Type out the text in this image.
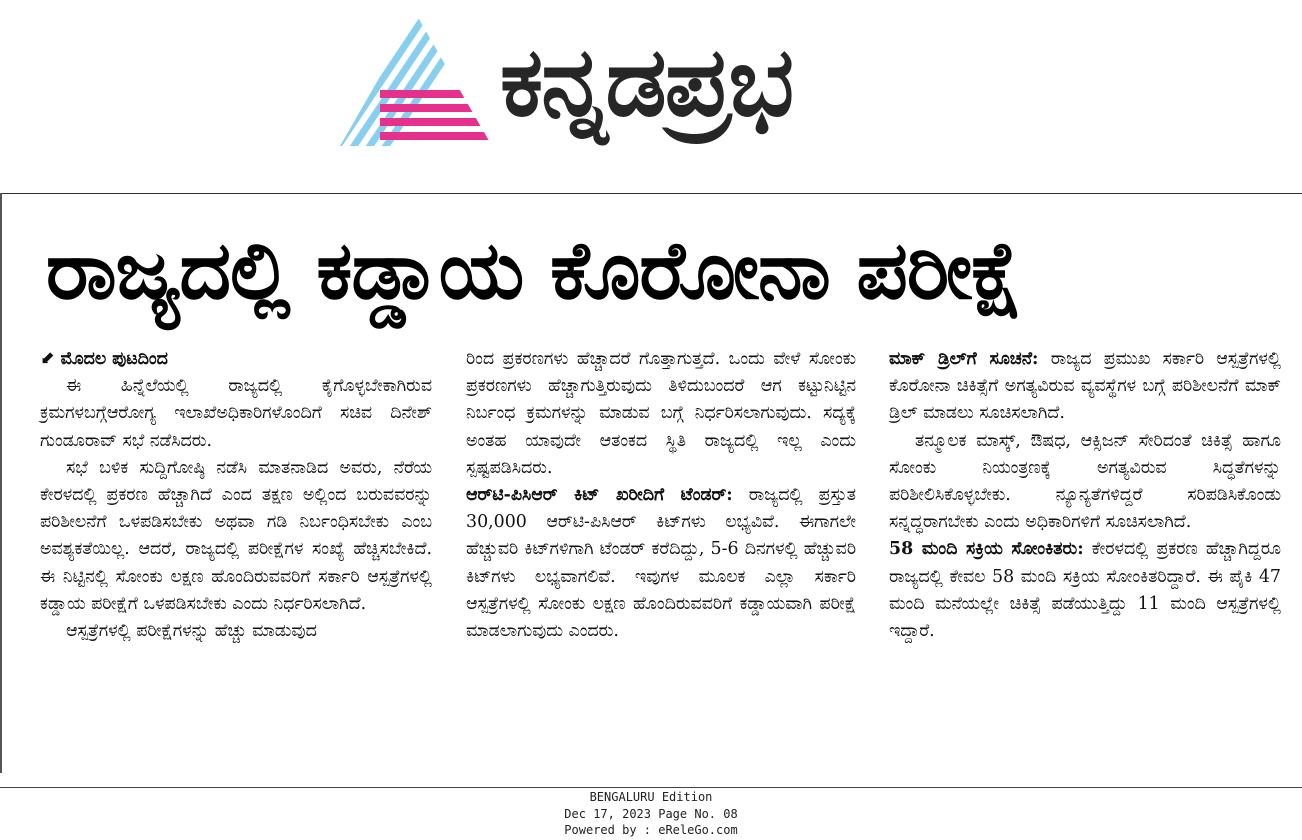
ಕನ್ನಡಪ್ರಭ
ರಾಜ್ಯದಲ್ಲಿ ಕಡ್ಡಾಯ ಕೊರೋನಾ ಪರೀಕ್ಷೆ
⬋ ಮೊದಲ ಪುಟದಿಂದ

ಈ ಹಿನ್ನೆಲೆಯಲ್ಲಿ ರಾಜ್ಯದಲ್ಲಿ ಕೈಗೊಳ್ಳಬೇಕಾಗಿರುವ ಕ್ರಮಗಳಬಗ್ಗೆಆರೋಗ್ಯ ಇಲಾಖೆಅಧಿಕಾರಿಗಳೊಂದಿಗೆ ಸಚಿವ ದಿನೇಶ್ ಗುಂಡೂರಾವ್ ಸಭೆ ನಡೆಸಿದರು.

ಸಭೆ ಬಳಿಕ ಸುದ್ದಿಗೋಷ್ಠಿ ನಡೆಸಿ ಮಾತನಾಡಿದ ಅವರು, ನೆರೆಯ ಕೇರಳದಲ್ಲಿ ಪ್ರಕರಣ ಹೆಚ್ಚಾಗಿದೆ ಎಂದ ತಕ್ಷಣ ಅಲ್ಲಿಂದ ಬರುವವರನ್ನು ಪರಿಶೀಲನೆಗೆ ಒಳಪಡಿಸಬೇಕು ಅಥವಾ ಗಡಿ ನಿರ್ಬಂಧಿಸಬೇಕು ಎಂಬ ಅವಶ್ಯಕತೆಯಿಲ್ಲ. ಆದರೆ, ರಾಜ್ಯದಲ್ಲಿ ಪರೀಕ್ಷೆಗಳ ಸಂಖ್ಯೆ ಹೆಚ್ಚಿಸಬೇಕಿದೆ. ಈ ನಿಟ್ಟಿನಲ್ಲಿ ಸೋಂಕು ಲಕ್ಷಣ ಹೊಂದಿರುವವರಿಗೆ ಸರ್ಕಾರಿ ಆಸ್ಪತ್ರೆಗಳಲ್ಲಿ ಕಡ್ಡಾಯ ಪರೀಕ್ಷೆಗೆ ಒಳಪಡಿಸಬೇಕು ಎಂದು ನಿರ್ಧರಿಸಲಾಗಿದೆ.

ಆಸ್ಪತ್ರೆಗಳಲ್ಲಿ ಪರೀಕ್ಷೆಗಳನ್ನು ಹೆಚ್ಚು ಮಾಡುವುದ

ರಿಂದ ಪ್ರಕರಣಗಳು ಹೆಚ್ಚಾದರೆ ಗೊತ್ತಾಗುತ್ತದೆ. ಒಂದು ವೇಳೆ ಸೋಂಕು ಪ್ರಕರಣಗಳು ಹೆಚ್ಚಾಗುತ್ತಿರುವುದು ತಿಳಿದುಬಂದರೆ ಆಗ ಕಟ್ಟುನಿಟ್ಟಿನ ನಿರ್ಬಂಧ ಕ್ರಮಗಳನ್ನು ಮಾಡುವ ಬಗ್ಗೆ ನಿರ್ಧರಿಸಲಾಗುವುದು. ಸದ್ಯಕ್ಕೆ ಅಂತಹ ಯಾವುದೇ ಆತಂಕದ ಸ್ಥಿತಿ ರಾಜ್ಯದಲ್ಲಿ ಇಲ್ಲ ಎಂದು ಸ್ಪಷ್ಟಪಡಿಸಿದರು.

ಆರ್‌ಟಿ-ಪಿಸಿಆರ್ ಕಿಟ್ ಖರೀದಿಗೆ ಟೆಂಡರ್: ರಾಜ್ಯದಲ್ಲಿ ಪ್ರಸ್ತುತ 30,000 ಆರ್‌ಟಿ-ಪಿಸಿಆರ್ ಕಿಟ್‌ಗಳು ಲಭ್ಯವಿವೆ. ಈಗಾಗಲೇ ಹೆಚ್ಚುವರಿ ಕಿಟ್‌ಗಳಿಗಾಗಿ ಟೆಂಡರ್ ಕರೆದಿದ್ದು, 5-6 ದಿನಗಳಲ್ಲಿ ಹೆಚ್ಚುವರಿ ಕಿಟ್‌ಗಳು ಲಭ್ಯವಾಗಲಿವೆ. ಇವುಗಳ ಮೂಲಕ ಎಲ್ಲಾ ಸರ್ಕಾರಿ ಆಸ್ಪತ್ರೆಗಳಲ್ಲಿ ಸೋಂಕು ಲಕ್ಷಣ ಹೊಂದಿರುವವರಿಗೆ ಕಡ್ಡಾಯವಾಗಿ ಪರೀಕ್ಷೆ ಮಾಡಲಾಗುವುದು ಎಂದರು.

ಮಾಕ್ ಡ್ರಿಲ್‌ಗೆ ಸೂಚನೆ: ರಾಜ್ಯದ ಪ್ರಮುಖ ಸರ್ಕಾರಿ ಆಸ್ಪತ್ರೆಗಳಲ್ಲಿ ಕೊರೋನಾ ಚಿಕಿತ್ಸೆಗೆ ಅಗತ್ಯವಿರುವ ವ್ಯವಸ್ಥೆಗಳ ಬಗ್ಗೆ ಪರಿಶೀಲನೆಗೆ ಮಾಕ್ ಡ್ರಿಲ್ ಮಾಡಲು ಸೂಚಿಸಲಾಗಿದೆ.

ತನ್ಮೂಲಕ ಮಾಸ್ಕ್, ಔಷಧ, ಆಕ್ಸಿಜನ್ ಸೇರಿದಂತೆ ಚಿಕಿತ್ಸೆ ಹಾಗೂ ಸೋಂಕು ನಿಯಂತ್ರಣಕ್ಕೆ ಅಗತ್ಯವಿರುವ ಸಿದ್ಧತೆಗಳನ್ನು ಪರಿಶೀಲಿಸಿಕೊಳ್ಳಬೇಕು. ನ್ಯೂನ್ಯತೆಗಳಿದ್ದರೆ ಸರಿಪಡಿಸಿಕೊಂಡು ಸನ್ನದ್ಧರಾಗಬೇಕು ಎಂದು ಅಧಿಕಾರಿಗಳಿಗೆ ಸೂಚಿಸಲಾಗಿದೆ.

58 ಮಂದಿ ಸಕ್ರಿಯ ಸೋಂಕಿತರು: ಕೇರಳದಲ್ಲಿ ಪ್ರಕರಣ ಹೆಚ್ಚಾಗಿದ್ದರೂ ರಾಜ್ಯದಲ್ಲಿ ಕೇವಲ 58 ಮಂದಿ ಸಕ್ರಿಯ ಸೋಂಕಿತರಿದ್ದಾರೆ. ಈ ಪೈಕಿ 47 ಮಂದಿ ಮನೆಯಲ್ಲೇ ಚಿಕಿತ್ಸೆ ಪಡೆಯುತ್ತಿದ್ದು 11 ಮಂದಿ ಆಸ್ಪತ್ರೆಗಳಲ್ಲಿ ಇದ್ದಾರೆ.

BENGALURU Edition
Dec 17, 2023 Page No. 08
Powered by : eReleGo.com
